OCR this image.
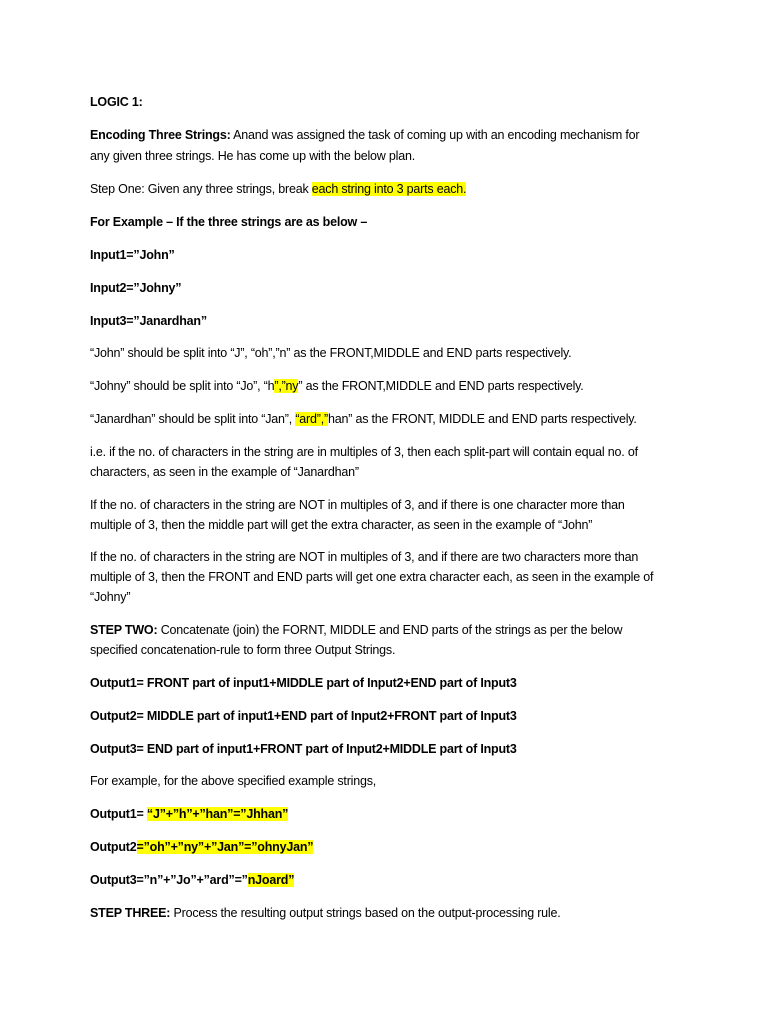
LOGIC 1:
Encoding Three Strings: Anand was assigned the task of coming up with an encoding mechanism for
any given three strings. He has come up with the below plan.
Step One: Given any three strings, break each string into 3 parts each.
For Example – If the three strings are as below –
Input1=”John”
Input2=”Johny”
Input3=”Janardhan”
“John” should be split into “J”, “oh”,”n” as the FRONT,MIDDLE and END parts respectively.
“Johny” should be split into “Jo”, “h”,”ny” as the FRONT,MIDDLE and END parts respectively.
“Janardhan” should be split into “Jan”, “ard”,”han” as the FRONT, MIDDLE and END parts respectively.
i.e. if the no. of characters in the string are in multiples of 3, then each split-part will contain equal no. of
characters, as seen in the example of “Janardhan”
If the no. of characters in the string are NOT in multiples of 3, and if there is one character more than
multiple of 3, then the middle part will get the extra character, as seen in the example of “John”
If the no. of characters in the string are NOT in multiples of 3, and if there are two characters more than
multiple of 3, then the FRONT and END parts will get one extra character each, as seen in the example of
“Johny”
STEP TWO: Concatenate (join) the FORNT, MIDDLE and END parts of the strings as per the below
specified concatenation-rule to form three Output Strings.
Output1= FRONT part of input1+MIDDLE part of Input2+END part of Input3
Output2= MIDDLE part of input1+END part of Input2+FRONT part of Input3
Output3= END part of input1+FRONT part of Input2+MIDDLE part of Input3
For example, for the above specified example strings,
Output1= “J”+”h”+”han”=”Jhhan”
Output2=”oh”+”ny”+”Jan”=”ohnyJan”
Output3=”n”+”Jo”+”ard”=”nJoard”
STEP THREE: Process the resulting output strings based on the output-processing rule.
